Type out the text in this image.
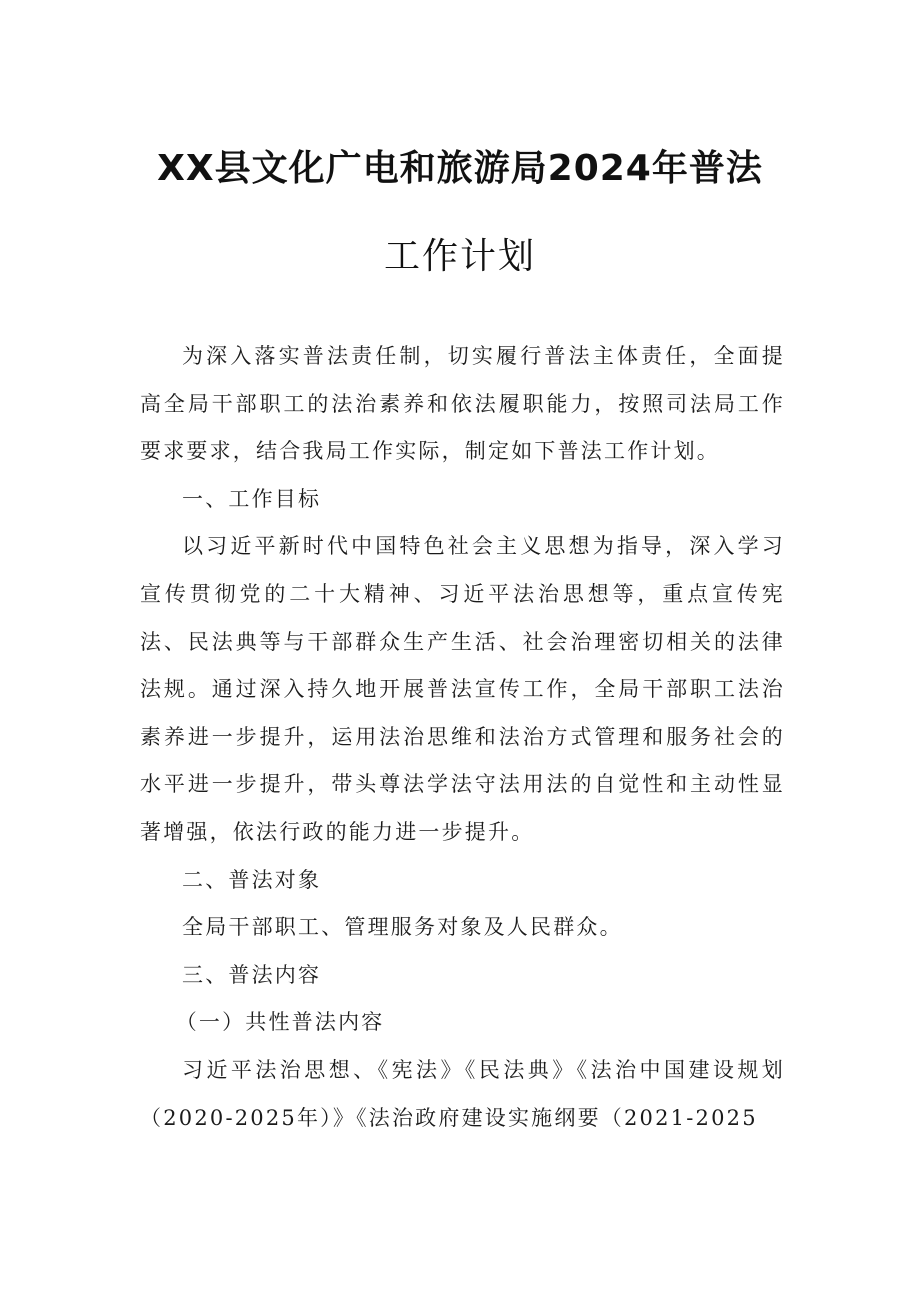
XX县文化广电和旅游局2024年普法
工作计划

为深入落实普法责任制，切实履行普法主体责任，全面提高全局干部职工的法治素养和依法履职能力，按照司法局工作要求要求，结合我局工作实际，制定如下普法工作计划。

一、工作目标

以习近平新时代中国特色社会主义思想为指导，深入学习宣传贯彻党的二十大精神、习近平法治思想等，重点宣传宪法、民法典等与干部群众生产生活、社会治理密切相关的法律法规。通过深入持久地开展普法宣传工作，全局干部职工法治素养进一步提升，运用法治思维和法治方式管理和服务社会的水平进一步提升，带头尊法学法守法用法的自觉性和主动性显著增强，依法行政的能力进一步提升。

二、普法对象

全局干部职工、管理服务对象及人民群众。

三、普法内容

（一）共性普法内容

习近平法治思想、《宪法》《民法典》《法治中国建设规划（2020-2025年）》《法治政府建设实施纲要（2021-2025
